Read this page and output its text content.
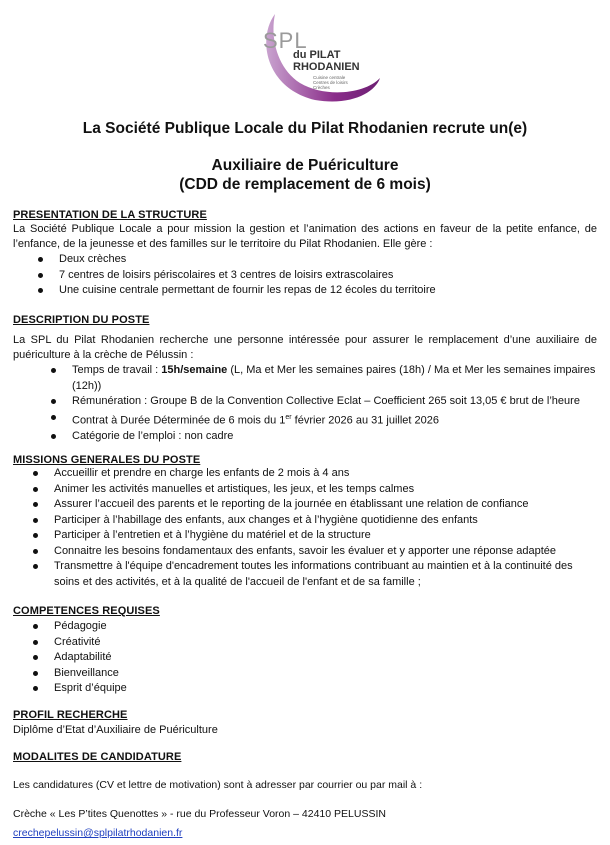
SPL
du PILAT
RHODANIEN
Cuisine centrale
Centres de loisirs
Crèches
La Société Publique Locale du Pilat Rhodanien recrute un(e)
Auxiliaire de Puériculture
(CDD de remplacement de 6 mois)
PRESENTATION DE LA STRUCTURE
La Société Publique Locale a pour mission la gestion et l’animation des actions en faveur de la petite enfance, de l’enfance, de la jeunesse et des familles sur le territoire du Pilat Rhodanien. Elle gère :
Deux crèches
7 centres de loisirs périscolaires et 3 centres de loisirs extrascolaires
Une cuisine centrale permettant de fournir les repas de 12 écoles du territoire
DESCRIPTION DU POSTE
La SPL du Pilat Rhodanien recherche une personne intéressée pour assurer le remplacement d’une auxiliaire de puériculture à la crèche de Pélussin :
Temps de travail : 15h/semaine (L, Ma et Mer les semaines paires (18h) / Ma et Mer les semaines impaires (12h))
Rémunération : Groupe B de la Convention Collective Eclat – Coefficient 265 soit 13,05 € brut de l’heure
Contrat à Durée Déterminée de 6 mois du 1er février 2026 au 31 juillet 2026
Catégorie de l’emploi : non cadre
MISSIONS GENERALES DU POSTE
Accueillir et prendre en charge les enfants de 2 mois à 4 ans
Animer les activités manuelles et artistiques, les jeux, et les temps calmes
Assurer l’accueil des parents et le reporting de la journée en établissant une relation de confiance
Participer à l’habillage des enfants, aux changes et à l’hygiène quotidienne des enfants
Participer à l’entretien et à l’hygiène du matériel et de la structure
Connaitre les besoins fondamentaux des enfants, savoir les évaluer et y apporter une réponse adaptée
Transmettre à l'équipe d'encadrement toutes les informations contribuant au maintien et à la continuité des soins et des activités, et à la qualité de l'accueil de l'enfant et de sa famille ;
COMPETENCES REQUISES
Pédagogie
Créativité
Adaptabilité
Bienveillance
Esprit d’équipe
PROFIL RECHERCHE
Diplôme d’Etat d’Auxiliaire de Puériculture
MODALITES DE CANDIDATURE
Les candidatures (CV et lettre de motivation) sont à adresser par courrier ou par mail à :
Crèche « Les P’tites Quenottes » - rue du Professeur Voron – 42410 PELUSSIN
crechepelussin@splpilatrhodanien.fr
